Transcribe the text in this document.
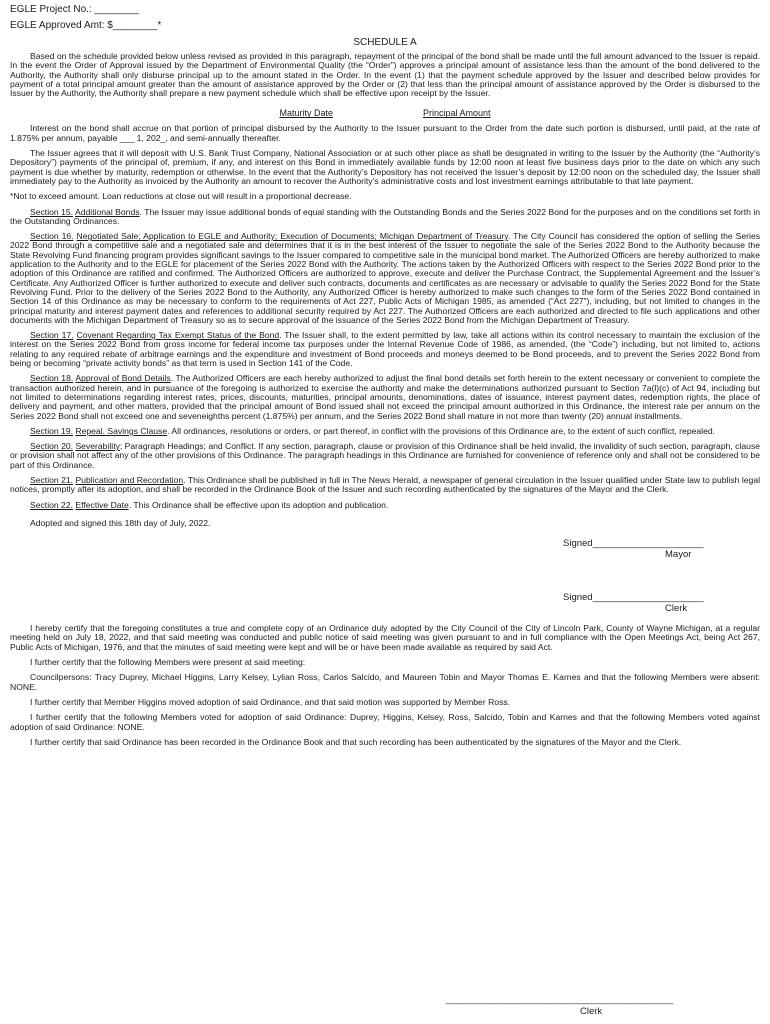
EGLE Project No.: ________
EGLE Approved Amt: $________*
SCHEDULE A

Based on the schedule provided below unless revised as provided in this paragraph, repayment of the principal of the bond shall be made until the full amount advanced to the Issuer is repaid. In the event the Order of Approval issued by the Department of Environmental Quality (the “Order”) approves a principal amount of assistance less than the amount of the bond delivered to the Authority, the Authority shall only disburse principal up to the amount stated in the Order. In the event (1) that the payment schedule approved by the Issuer and described below provides for payment of a total principal amount greater than the amount of assistance approved by the Order or (2) that less than the principal amount of assistance approved by the Order is disbursed to the Issuer by the Authority, the Authority shall prepare a new payment schedule which shall be effective upon receipt by the Issuer.

Maturity Date	Principal Amount

Interest on the bond shall accrue on that portion of principal disbursed by the Authority to the Issuer pursuant to the Order from the date such portion is disbursed, until paid, at the rate of 1.875% per annum, payable ___ 1, 202_, and semi-annually thereafter.

The Issuer agrees that it will deposit with U.S. Bank Trust Company, National Association or at such other place as shall be designated in writing to the Issuer by the Authority (the “Authority’s Depository”) payments of the principal of, premium, if any, and interest on this Bond in immediately available funds by 12:00 noon at least five business days prior to the date on which any such payment is due whether by maturity, redemption or otherwise. In the event that the Authority’s Depository has not received the Issuer’s deposit by 12:00 noon on the scheduled day, the Issuer shall immediately pay to the Authority as invoiced by the Authority an amount to recover the Authority’s administrative costs and lost investment earnings attributable to that late payment.

*Not to exceed amount. Loan reductions at close out will result in a proportional decrease.

Section 15. Additional Bonds. The Issuer may issue additional bonds of equal standing with the Outstanding Bonds and the Series 2022 Bond for the purposes and on the conditions set forth in the Outstanding Ordinances.

Section 16. Negotiated Sale; Application to EGLE and Authority; Execution of Documents; Michigan Department of Treasury. The City Council has considered the option of selling the Series 2022 Bond through a competitive sale and a negotiated sale and determines that it is in the best interest of the Issuer to negotiate the sale of the Series 2022 Bond to the Authority because the State Revolving Fund financing program provides significant savings to the Issuer compared to competitive sale in the municipal bond market. The Authorized Officers are hereby authorized to make application to the Authority and to the EGLE for placement of the Series 2022 Bond with the Authority. The actions taken by the Authorized Officers with respect to the Series 2022 Bond prior to the adoption of this Ordinance are ratified and confirmed. The Authorized Officers are authorized to approve, execute and deliver the Purchase Contract, the Supplemental Agreement and the Issuer’s Certificate. Any Authorized Officer is further authorized to execute and deliver such contracts, documents and certificates as are necessary or advisable to qualify the Series 2022 Bond for the State Revolving Fund. Prior to the delivery of the Series 2022 Bond to the Authority, any Authorized Officer is hereby authorized to make such changes to the form of the Series 2022 Bond contained in Section 14 of this Ordinance as may be necessary to conform to the requirements of Act 227, Public Acts of Michigan 1985, as amended (“Act 227”), including, but not limited to changes in the principal maturity and interest payment dates and references to additional security required by Act 227. The Authorized Officers are each authorized and directed to file such applications and other documents with the Michigan Department of Treasury so as to secure approval of the issuance of the Series 2022 Bond from the Michigan Department of Treasury.

Section 17. Covenant Regarding Tax Exempt Status of the Bond. The Issuer shall, to the extent permitted by law, take all actions within its control necessary to maintain the exclusion of the interest on the Series 2022 Bond from gross income for federal income tax purposes under the Internal Revenue Code of 1986, as amended, (the “Code”) including, but not limited to, actions relating to any required rebate of arbitrage earnings and the expenditure and investment of Bond proceeds and moneys deemed to be Bond proceeds, and to prevent the Series 2022 Bond from being or becoming “private activity bonds” as that term is used in Section 141 of the Code.

Section 18. Approval of Bond Details. The Authorized Officers are each hereby authorized to adjust the final bond details set forth herein to the extent necessary or convenient to complete the transaction authorized herein, and in pursuance of the foregoing is authorized to exercise the authority and make the determinations authorized pursuant to Section 7a(l)(c) of Act 94, including but not limited to determinations regarding interest rates, prices, discounts, maturities, principal amounts, denominations, dates of issuance, interest payment dates, redemption rights, the place of delivery and payment, and other matters, provided that the principal amount of Bond issued shall not exceed the principal amount authorized in this Ordinance, the interest rate per annum on the Series 2022 Bond shall not exceed one and seveneighths percent (1.875%) per annum, and the Series 2022 Bond shall mature in not more than twenty (20) annual installments.

Section 19. Repeal. Savings Clause. All ordinances, resolutions or orders, or part thereof, in conflict with the provisions of this Ordinance are, to the extent of such conflict, repealed.

Section 20. Severability; Paragraph Headings; and Conflict. If any section, paragraph, clause or provision of this Ordinance shall be held invalid, the invalidity of such section, paragraph, clause or provision shall not affect any of the other provisions of this Ordinance. The paragraph headings in this Ordinance are furnished for convenience of reference only and shall not be considered to be part of this Ordinance.

Section 21. Publication and Recordation. This Ordinance shall be published in full in The News Herald, a newspaper of general circulation in the Issuer qualified under State law to publish legal notices, promptly after its adoption, and shall be recorded in the Ordinance Book of the Issuer and such recording authenticated by the signatures of the Mayor and the Clerk.

Section 22. Effective Date. This Ordinance shall be effective upon its adoption and publication.

Adopted and signed this 18th day of July, 2022.

Signed_____________________
Mayor
Signed_____________________
Clerk

I hereby certify that the foregoing constitutes a true and complete copy of an Ordinance duly adopted by the City Council of the City of Lincoln Park, County of Wayne Michigan, at a regular meeting held on July 18, 2022, and that said meeting was conducted and public notice of said meeting was given pursuant to and in full compliance with the Open Meetings Act, being Act 267, Public Acts of Michigan, 1976, and that the minutes of said meeting were kept and will be or have been made available as required by said Act.

I further certify that the following Members were present at said meeting:

Councilpersons: Tracy Duprey, Michael Higgins, Larry Kelsey, Lylian Ross, Carlos Salcido, and Maureen Tobin and Mayor Thomas E. Karnes and that the following Members were absent: NONE.

I further certify that Member Higgins moved adoption of said Ordinance, and that said motion was supported by Member Ross.

I further certify that the following Members voted for adoption of said Ordinance: Duprey, Higgins, Kelsey, Ross, Salcido, Tobin and Karnes and that the following Members voted against adoption of said Ordinance: NONE.

I further certify that said Ordinance has been recorded in the Ordinance Book and that such recording has been authenticated by the signatures of the Mayor and the Clerk.

___________________________________________
Clerk
